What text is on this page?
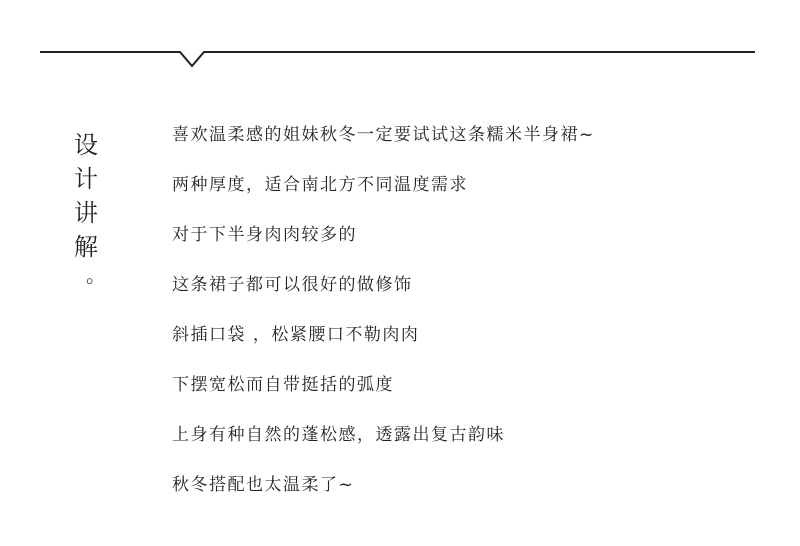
设
计
讲
解
。
喜欢温柔感的姐妹秋冬一定要试试这条糯米半身裙~
两种厚度，适合南北方不同温度需求
对于下半身肉肉较多的
这条裙子都可以很好的做修饰
斜插口袋 ，松紧腰口不勒肉肉
下摆宽松而自带挺括的弧度
上身有种自然的蓬松感，透露出复古韵味
秋冬搭配也太温柔了~
